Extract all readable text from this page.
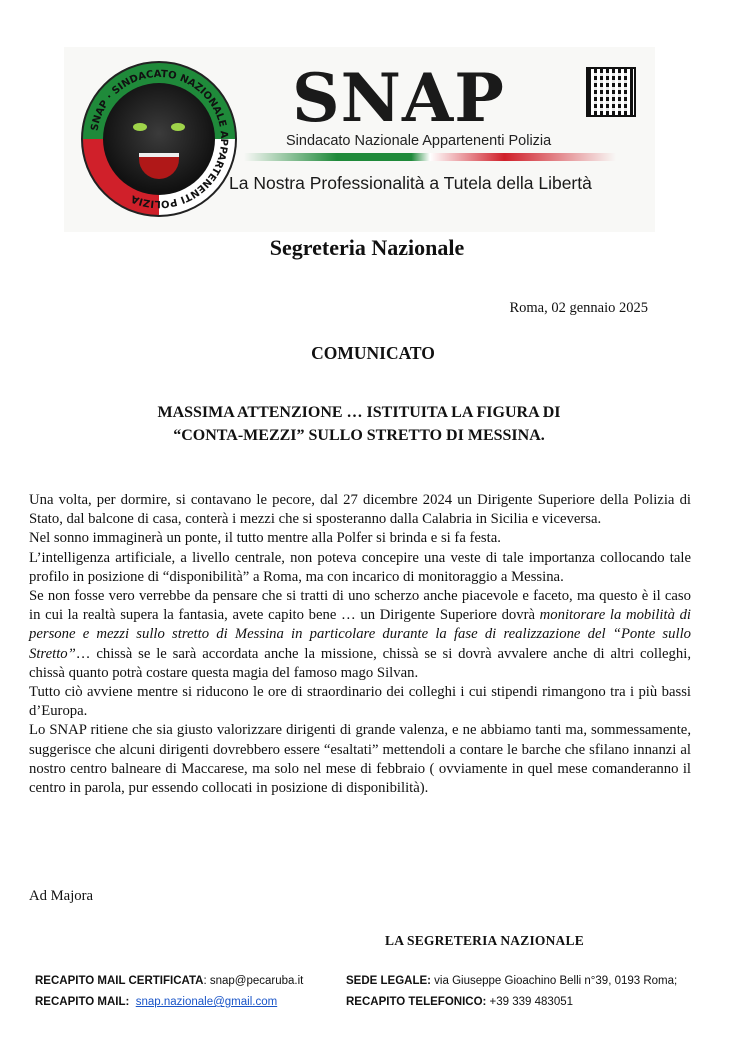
SNAP · SINDACATO NAZIONALE APPARTENENTI POLIZIA
SNAP
Sindacato Nazionale Appartenenti Polizia
La Nostra Professionalità a Tutela della Libertà
Segreteria Nazionale
Roma, 02 gennaio 2025
COMUNICATO
MASSIMA ATTENZIONE … ISTITUITA LA FIGURA DI
“CONTA-MEZZI” SULLO STRETTO DI MESSINA.

Una volta, per dormire, si contavano le pecore, dal 27 dicembre 2024 un Dirigente Superiore della Polizia di Stato, dal balcone di casa, conterà i mezzi che si sposteranno dalla Calabria in Sicilia e viceversa.

Nel sonno immaginerà un ponte, il tutto mentre alla Polfer si brinda e si fa festa.

L’intelligenza artificiale, a livello centrale, non poteva concepire una veste di tale importanza collocando tale profilo in posizione di “disponibilità” a Roma, ma con incarico di monitoraggio a Messina.

Se non fosse vero verrebbe da pensare che si tratti di uno scherzo anche piacevole e faceto, ma questo è il caso in cui la realtà supera la fantasia, avete capito bene … un Dirigente Superiore dovrà monitorare la mobilità di persone e mezzi sullo stretto di Messina in particolare durante la fase di realizzazione del “Ponte sullo Stretto”… chissà se le sarà accordata anche la missione, chissà se si dovrà avvalere anche di altri colleghi, chissà quanto potrà costare questa magia del famoso mago Silvan.

Tutto ciò avviene mentre si riducono le ore di straordinario dei colleghi i cui stipendi rimangono tra i più bassi d’Europa.

Lo SNAP ritiene che sia giusto valorizzare dirigenti di grande valenza, e ne abbiamo tanti ma, sommessamente, suggerisce che alcuni dirigenti dovrebbero essere “esaltati” mettendoli a contare le barche che sfilano innanzi al nostro centro balneare di Maccarese, ma solo nel mese di febbraio ( ovviamente in quel mese comanderanno il centro in parola, pur essendo collocati in posizione di disponibilità).

Ad Majora
LA SEGRETERIA NAZIONALE
RECAPITO MAIL CERTIFICATA: snap@pecaruba.it	SEDE LEGALE: via Giuseppe Gioachino Belli n°39, 0193 Roma;
RECAPITO MAIL: snap.nazionale@gmail.com	RECAPITO TELEFONICO: +39 339 483051
